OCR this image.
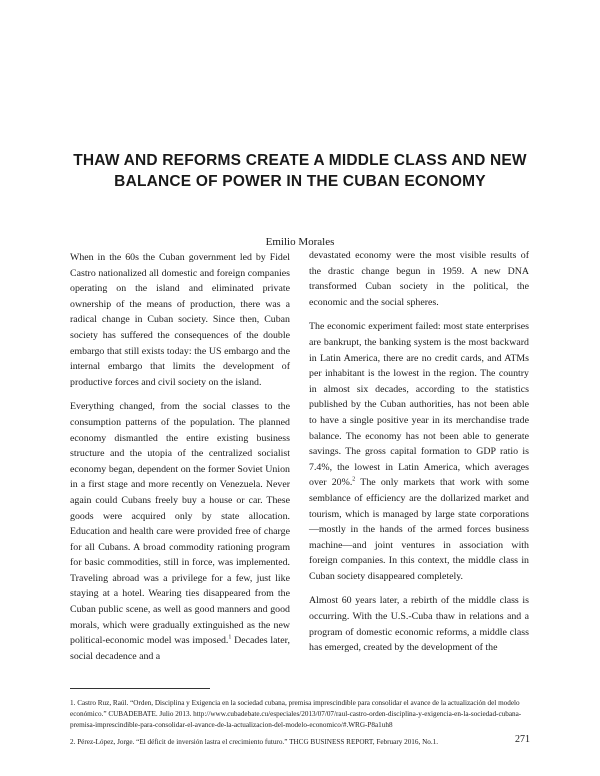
THAW AND REFORMS CREATE A MIDDLE CLASS AND NEW BALANCE OF POWER IN THE CUBAN ECONOMY

Emilio Morales

When in the 60s the Cuban government led by Fidel Castro nationalized all domestic and foreign companies operating on the island and eliminated private ownership of the means of production, there was a radical change in Cuban society. Since then, Cuban society has suffered the consequences of the double embargo that still exists today: the US embargo and the internal embargo that limits the development of productive forces and civil society on the island.

Everything changed, from the social classes to the consumption patterns of the population. The planned economy dismantled the entire existing business structure and the utopia of the centralized socialist economy began, dependent on the former Soviet Union in a first stage and more recently on Venezuela. Never again could Cubans freely buy a house or car. These goods were acquired only by state allocation. Education and health care were provided free of charge for all Cubans. A broad commodity rationing program for basic commodities, still in force, was implemented. Traveling abroad was a privilege for a few, just like staying at a hotel. Wearing ties disappeared from the Cuban public scene, as well as good manners and good morals, which were gradually extinguished as the new political-economic model was imposed.$^1$ Decades later, social decadence and a

devastated economy were the most visible results of the drastic change begun in 1959. A new DNA transformed Cuban society in the political, the economic and the social spheres.

The economic experiment failed: most state enterprises are bankrupt, the banking system is the most backward in Latin America, there are no credit cards, and ATMs per inhabitant is the lowest in the region. The country in almost six decades, according to the statistics published by the Cuban authorities, has not been able to have a single positive year in its merchandise trade balance. The economy has not been able to generate savings. The gross capital formation to GDP ratio is 7.4%, the lowest in Latin America, which averages over 20%.$^2$ The only markets that work with some semblance of efficiency are the dollarized market and tourism, which is managed by large state corporations—mostly in the hands of the armed forces business machine—and joint ventures in association with foreign companies. In this context, the middle class in Cuban society disappeared completely.

Almost 60 years later, a rebirth of the middle class is occurring. With the U.S.-Cuba thaw in relations and a program of domestic economic reforms, a middle class has emerged, created by the development of the

1. Castro Ruz, Raúl. “Orden, Disciplina y Exigencia en la sociedad cubana, premisa imprescindible para consolidar el avance de la actualización del modelo económico.” CUBADEBATE. Julio 2013. http://www.cubadebate.cu/especiales/2013/07/07/raul-castro-orden-disciplina-y-exigencia-en-la-sociedad-cubana-premisa-imprescindible-para-consolidar-el-avance-de-la-actualizacion-del-modelo-economico/#.WRG-P8a1uh8

2. Pérez-López, Jorge. “El déficit de inversión lastra el crecimiento futuro.” THCG BUSINESS REPORT, February 2016, No.1.	271
